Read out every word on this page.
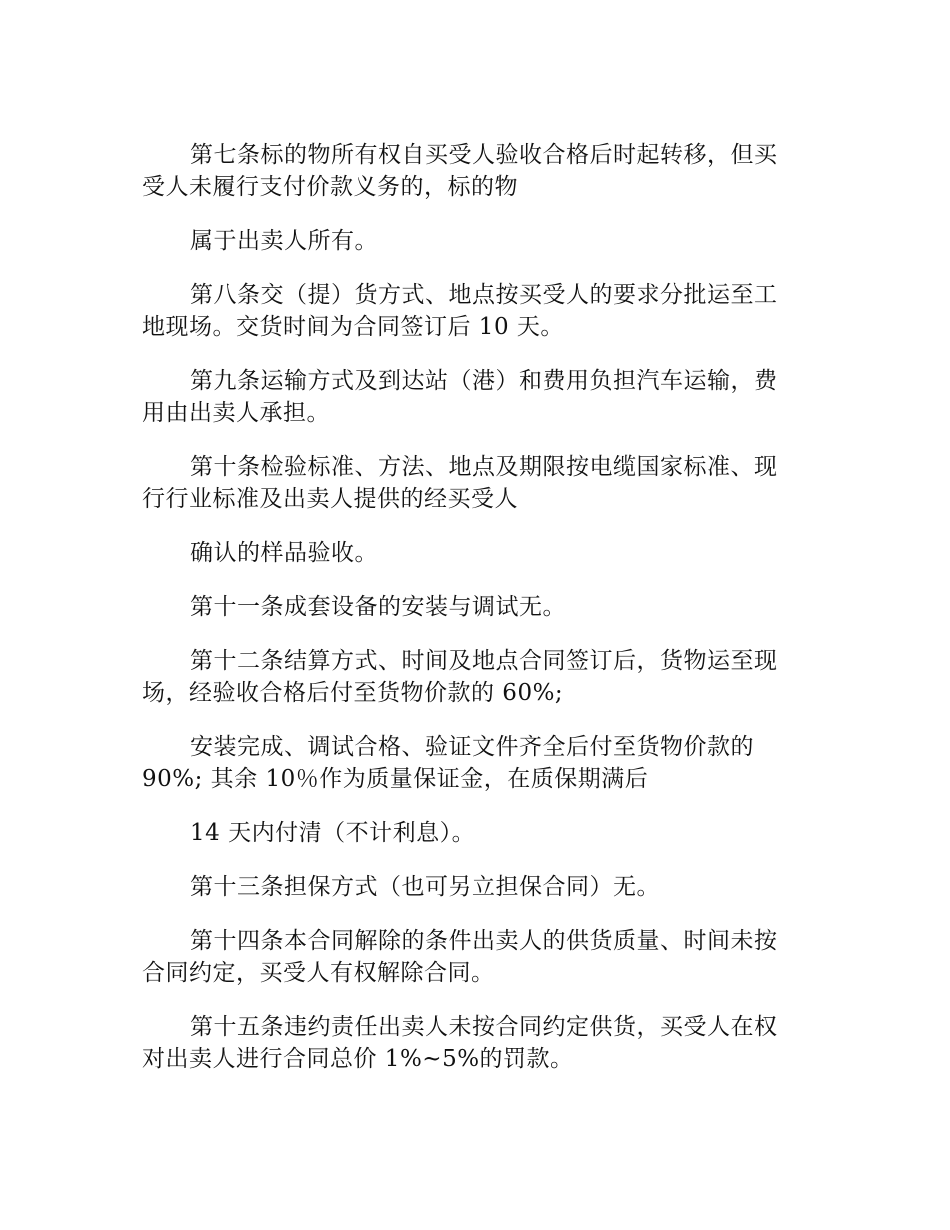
第七条标的物所有权自买受人验收合格后时起转移，但买
受人未履行支付价款义务的，标的物

属于出卖人所有。

第八条交（提）货方式、地点按买受人的要求分批运至工
地现场。交货时间为合同签订后 10 天。

第九条运输方式及到达站（港）和费用负担汽车运输，费
用由出卖人承担。

第十条检验标准、方法、地点及期限按电缆国家标准、现
行行业标准及出卖人提供的经买受人

确认的样品验收。

第十一条成套设备的安装与调试无。

第十二条结算方式、时间及地点合同签订后，货物运至现
场，经验收合格后付至货物价款的 60%;

安装完成、调试合格、验证文件齐全后付至货物价款的
90%; 其余 10％作为质量保证金，在质保期满后

14 天内付清（不计利息）。

第十三条担保方式（也可另立担保合同）无。

第十四条本合同解除的条件出卖人的供货质量、时间未按
合同约定，买受人有权解除合同。

第十五条违约责任出卖人未按合同约定供货，买受人在权
对出卖人进行合同总价 1%~5%的罚款。
